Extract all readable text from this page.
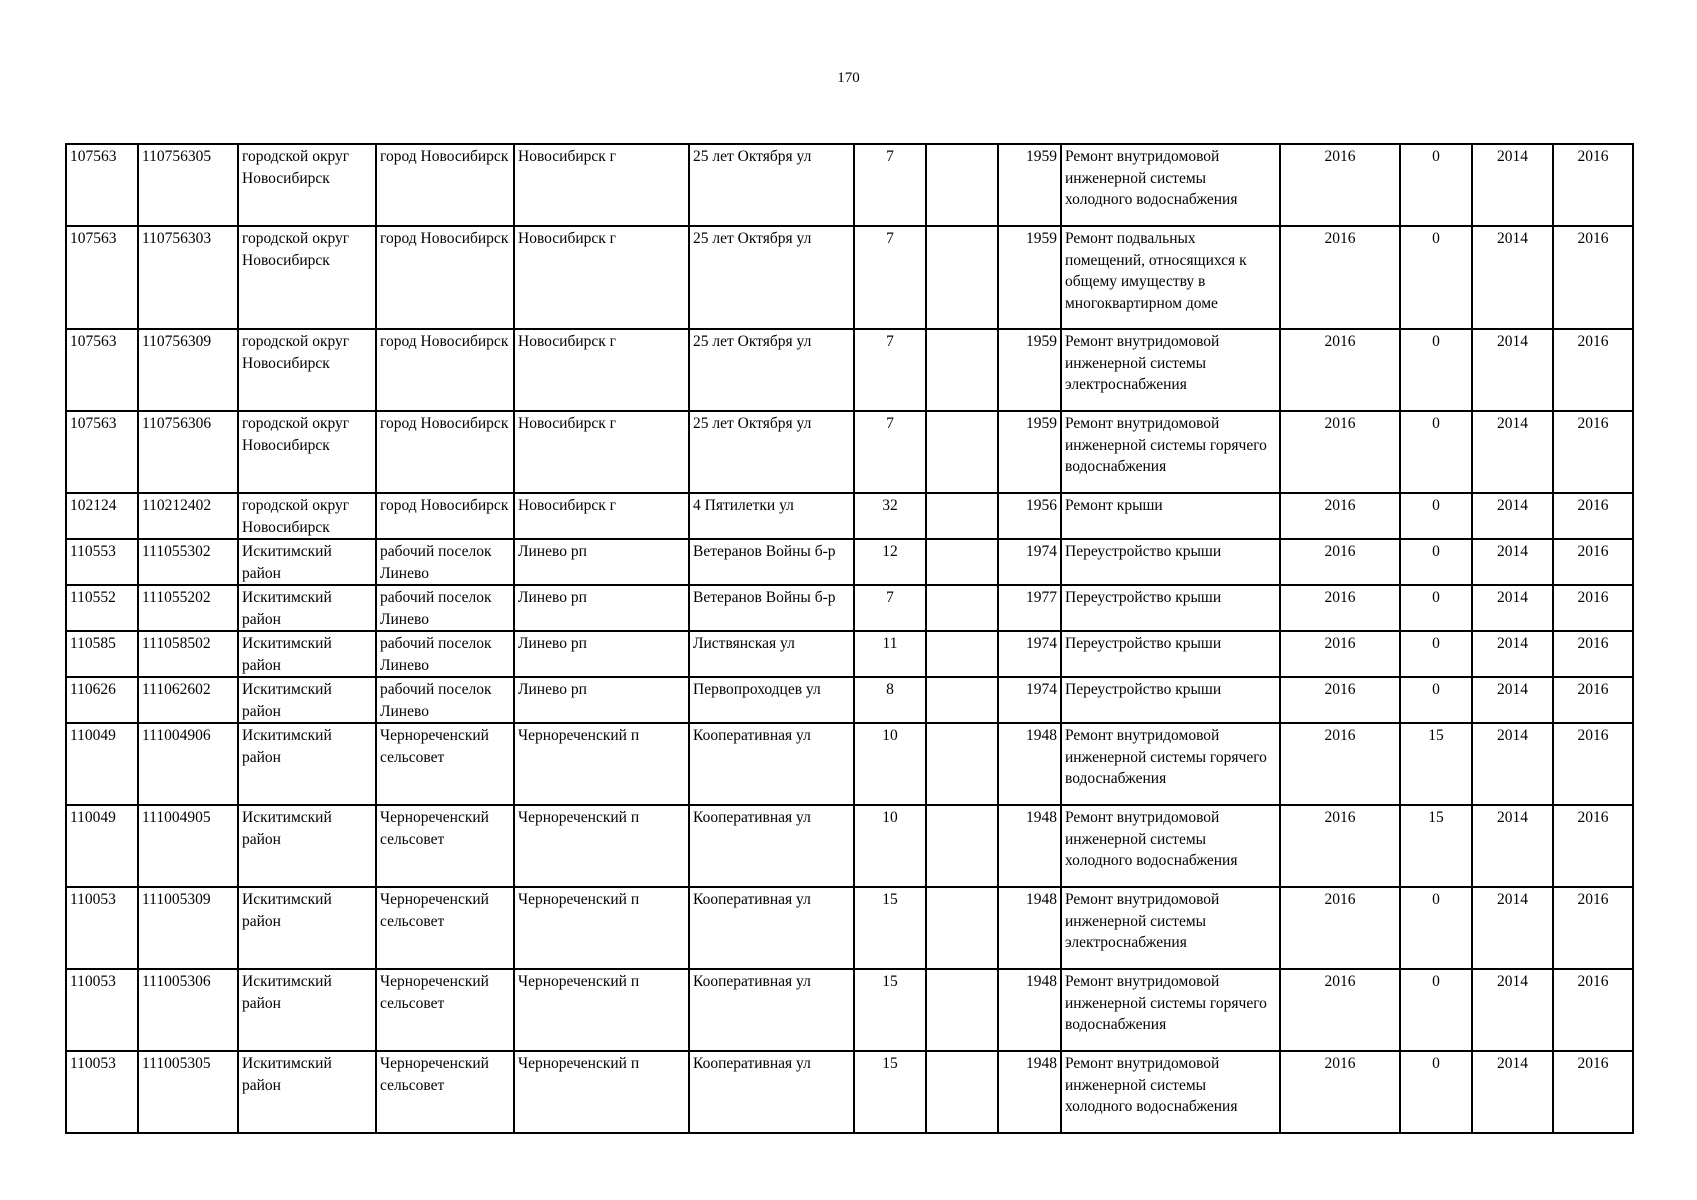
170
107563	110756305	городской округ Новосибирск	город Новосибирск	Новосибирск г	25 лет Октября ул	7		1959	Ремонт внутридомовой инженерной системы холодного водоснабжения	2016	0	2014	2016
107563	110756303	городской округ Новосибирск	город Новосибирск	Новосибирск г	25 лет Октября ул	7		1959	Ремонт подвальных помещений, относящихся к общему имуществу в многоквартирном доме	2016	0	2014	2016
107563	110756309	городской округ Новосибирск	город Новосибирск	Новосибирск г	25 лет Октября ул	7		1959	Ремонт внутридомовой инженерной системы электроснабжения	2016	0	2014	2016
107563	110756306	городской округ Новосибирск	город Новосибирск	Новосибирск г	25 лет Октября ул	7		1959	Ремонт внутридомовой инженерной системы горячего водоснабжения	2016	0	2014	2016
102124	110212402	городской округ Новосибирск	город Новосибирск	Новосибирск г	4 Пятилетки ул	32		1956	Ремонт крыши	2016	0	2014	2016
110553	111055302	Искитимский район	рабочий поселок Линево	Линево рп	Ветеранов Войны б-р	12		1974	Переустройство крыши	2016	0	2014	2016
110552	111055202	Искитимский район	рабочий поселок Линево	Линево рп	Ветеранов Войны б-р	7		1977	Переустройство крыши	2016	0	2014	2016
110585	111058502	Искитимский район	рабочий поселок Линево	Линево рп	Листвянская ул	11		1974	Переустройство крыши	2016	0	2014	2016
110626	111062602	Искитимский район	рабочий поселок Линево	Линево рп	Первопроходцев ул	8		1974	Переустройство крыши	2016	0	2014	2016
110049	111004906	Искитимский район	Чернореченский сельсовет	Чернореченский п	Кооперативная ул	10		1948	Ремонт внутридомовой инженерной системы горячего водоснабжения	2016	15	2014	2016
110049	111004905	Искитимский район	Чернореченский сельсовет	Чернореченский п	Кооперативная ул	10		1948	Ремонт внутридомовой инженерной системы холодного водоснабжения	2016	15	2014	2016
110053	111005309	Искитимский район	Чернореченский сельсовет	Чернореченский п	Кооперативная ул	15		1948	Ремонт внутридомовой инженерной системы электроснабжения	2016	0	2014	2016
110053	111005306	Искитимский район	Чернореченский сельсовет	Чернореченский п	Кооперативная ул	15		1948	Ремонт внутридомовой инженерной системы горячего водоснабжения	2016	0	2014	2016
110053	111005305	Искитимский район	Чернореченский сельсовет	Чернореченский п	Кооперативная ул	15		1948	Ремонт внутридомовой инженерной системы холодного водоснабжения	2016	0	2014	2016
